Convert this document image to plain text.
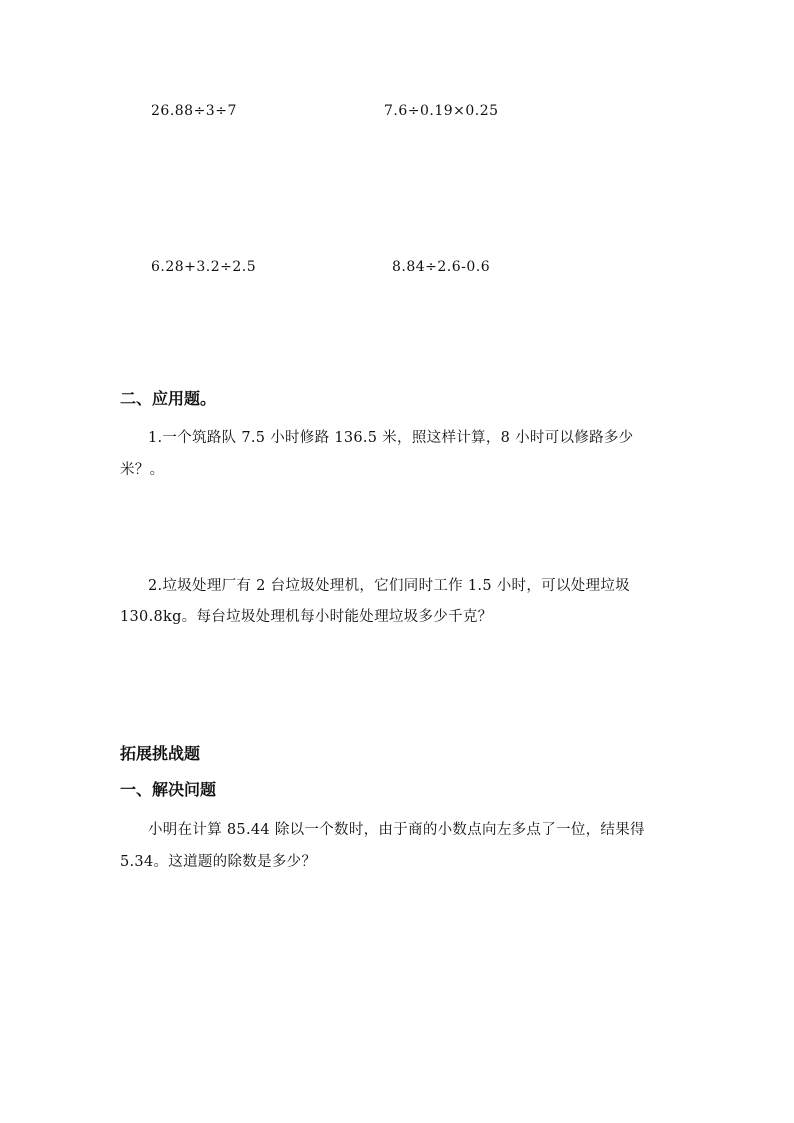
26.88÷3÷7	7.6÷0.19×0.25
6.28+3.2÷2.5	8.84÷2.6-0.6
二、应用题。
1.一个筑路队 7.5 小时修路 136.5 米，照这样计算，8 小时可以修路多少
米？。
2.垃圾处理厂有 2 台垃圾处理机，它们同时工作 1.5 小时，可以处理垃圾
130.8kg。每台垃圾处理机每小时能处理垃圾多少千克？
拓展挑战题
一、解决问题
小明在计算 85.44 除以一个数时，由于商的小数点向左多点了一位，结果得
5.34。这道题的除数是多少？
